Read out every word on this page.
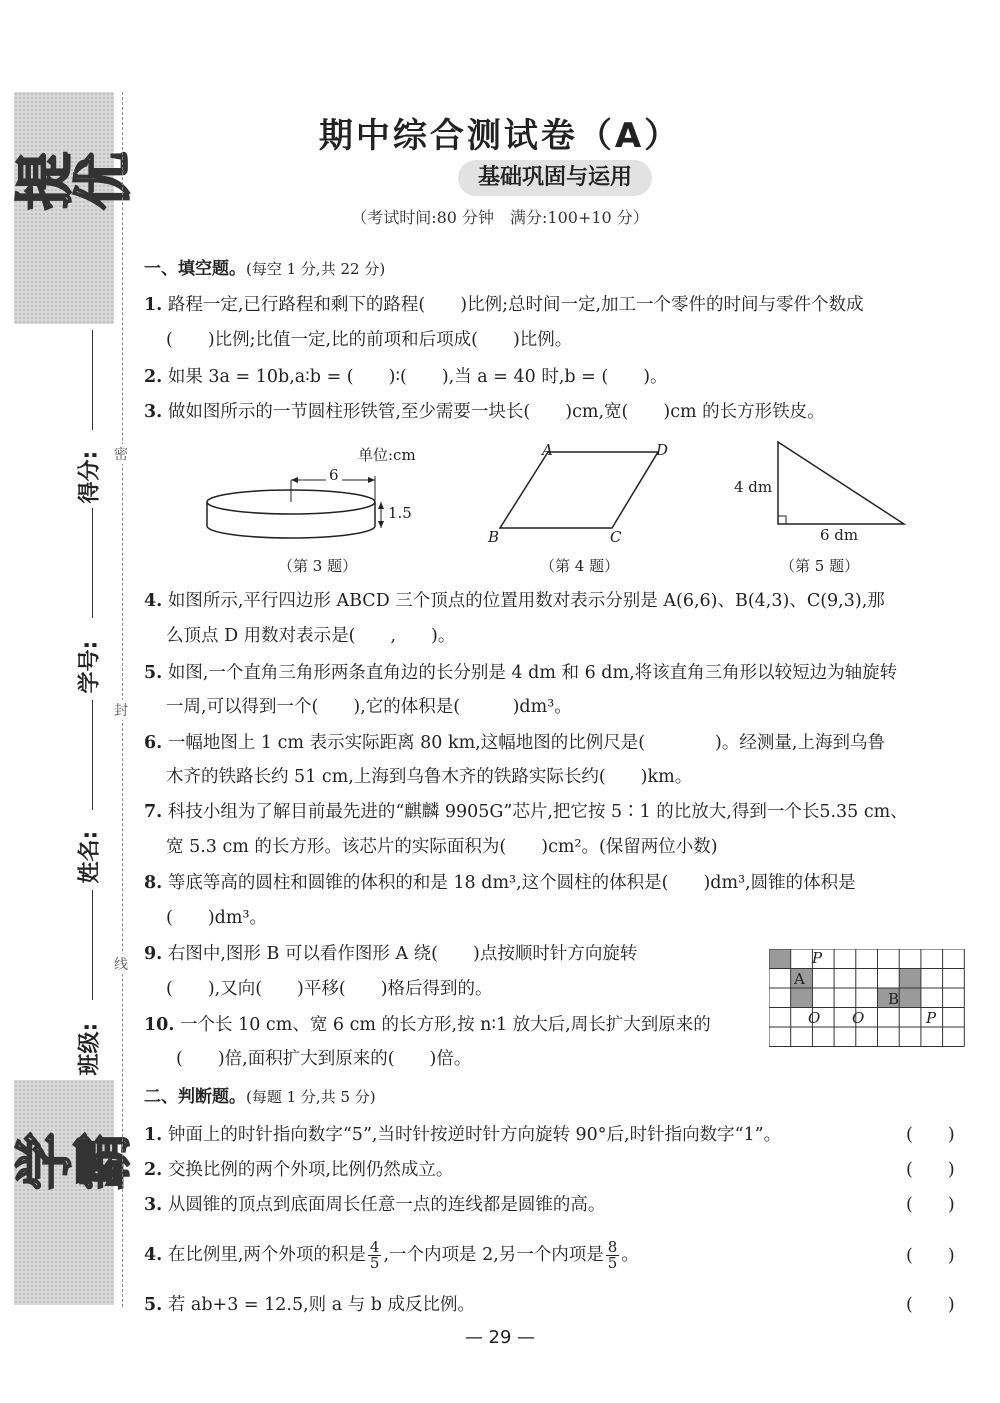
提优
学霸
得分:
学号:
姓名:
班级:
密
封
线
期中综合测试卷（A）
基础巩固与运用
（考试时间:80 分钟　满分:100+10 分）
一、填空题。(每空 1 分,共 22 分)
1. 路程一定,已行路程和剩下的路程(　　)比例;总时间一定,加工一个零件的时间与零件个数成
(　　)比例;比值一定,比的前项和后项成(　　)比例。
2. 如果 3a = 10b,a∶b = (　　)∶(　　),当 a = 40 时,b = (　　)。
3. 做如图所示的一节圆柱形铁管,至少需要一块长(　　)cm,宽(　　)cm 的长方形铁皮。
单位:cm
6
1.5
（第 3 题）
A	D
B	C
（第 4 题）
4 dm
6 dm
（第 5 题）
4. 如图所示,平行四边形 ABCD 三个顶点的位置用数对表示分别是 A(6,6)、B(4,3)、C(9,3),那
么顶点 D 用数对表示是(　　,　　)。
5. 如图,一个直角三角形两条直角边的长分别是 4 dm 和 6 dm,将该直角三角形以较短边为轴旋转
一周,可以得到一个(　　),它的体积是(　　　)dm³。
6. 一幅地图上 1 cm 表示实际距离 80 km,这幅地图的比例尺是(　　　　)。经测量,上海到乌鲁
木齐的铁路长约 51 cm,上海到乌鲁木齐的铁路实际长约(　　)km。
7. 科技小组为了解目前最先进的“麒麟 9905G”芯片,把它按 5∶1 的比放大,得到一个长5.35 cm、
宽 5.3 cm 的长方形。该芯片的实际面积为(　　)cm²。(保留两位小数)
8. 等底等高的圆柱和圆锥的体积的和是 18 dm³,这个圆柱的体积是(　　)dm³,圆锥的体积是
(　　)dm³。
9. 右图中,图形 B 可以看作图形 A 绕(　　)点按顺时针方向旋转
(　　),又向(　　)平移(　　)格后得到的。
10. 一个长 10 cm、宽 6 cm 的长方形,按 n∶1 放大后,周长扩大到原来的
(　　)倍,面积扩大到原来的(　　)倍。
P
A
B
O O	P
二、判断题。(每题 1 分,共 5 分)
1. 钟面上的时针指向数字“5”,当时针按逆时针方向旋转 90°后,时针指向数字“1”。	(　　)
2. 交换比例的两个外项,比例仍然成立。	(　　)
3. 从圆锥的顶点到底面周长任意一点的连线都是圆锥的高。	(　　)
4. 在比例里,两个外项的积是 $\frac{4}{5}$ ,一个内项是 2,另一个内项是 $\frac{8}{5}$ 。	(　　)
5. 若 ab+3 = 12.5,则 a 与 b 成反比例。	(　　)
— 29 —
